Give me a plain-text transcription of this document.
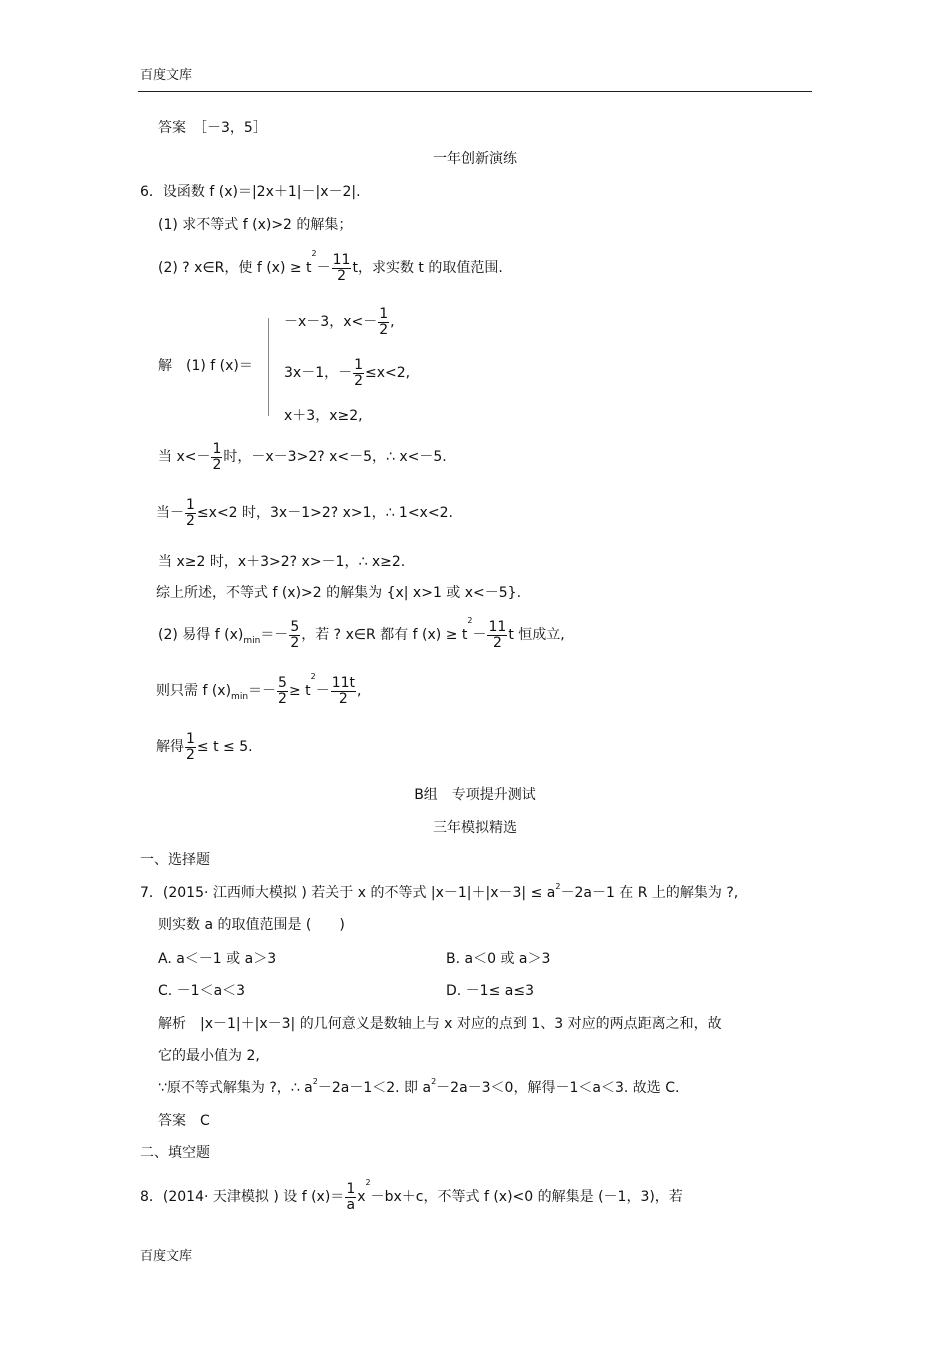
百度文库
答案　［－3，5］
一年创新演练
6．设函数 f (x)＝|2x＋1|－|x－2|.
(1) 求不等式 f (x)>2 的解集；
(2) ? x∈R，使 f $(x) \ge t^2- \frac{11}{2}$ t，求实数 t 的取值范围.
解　(1) f (x)＝
－x－3，$x<- \frac{1}{2}$ ,
3x－1，－ $\frac{1}{2} \le x<2$,
x＋3，x≥2,
当 $x<- \frac{1}{2}$ 时，－x－3>2? x<－5，∴ x<－5.
当－ $\frac{1}{2} \le x<2$ 时，3x－1>2? x>1，∴ 1<x<2.
当 x≥2 时，x＋3>2? x>－1，∴ x≥2.
综上所述，不等式 f (x)>2 的解集为 {x| x>1 或 x<－5}.
(2) 易得 f $(x)_{min}=- \frac{5}{2}$ ，若 ? x∈R 都有 f $(x) \ge t^2- \frac{11}{2}$ t 恒成立,
则只需 f $(x)_{min}=- \frac{5}{2} \ge t^2- \frac{11t}{2}$ ,
解得 $\frac{1}{2} \le t \le 5$.
B组　专项提升测试
三年模拟精选
一、选择题
7．(2015· 江西师大模拟 ) 若关于 x 的不等式 $|x-1|+|x-3| \le a^2-2a-1$ 在 R 上的解集为 ?,
则实数 a 的取值范围是 (　　)
A. a＜－1 或 a＞3	B. a＜0 或 a＞3
C. －1＜a＜3	D. －1≤ a≤3
解析　|x－1|＋|x－3| 的几何意义是数轴上与 x 对应的点到 1、3 对应的两点距离之和，故
它的最小值为 2,
∵原不等式解集为 ?，∴ $a^2-2a-1<2$. 即 $a^2-2a-3<0$，解得－1＜a＜3. 故选 C.
答案　C
二、填空题
8．(2014· 天津模拟 ) 设 f $(x)= \frac{1}{a} x^2-bx+c$，不等式 f (x)<0 的解集是 (－1，3)，若
百度文库
